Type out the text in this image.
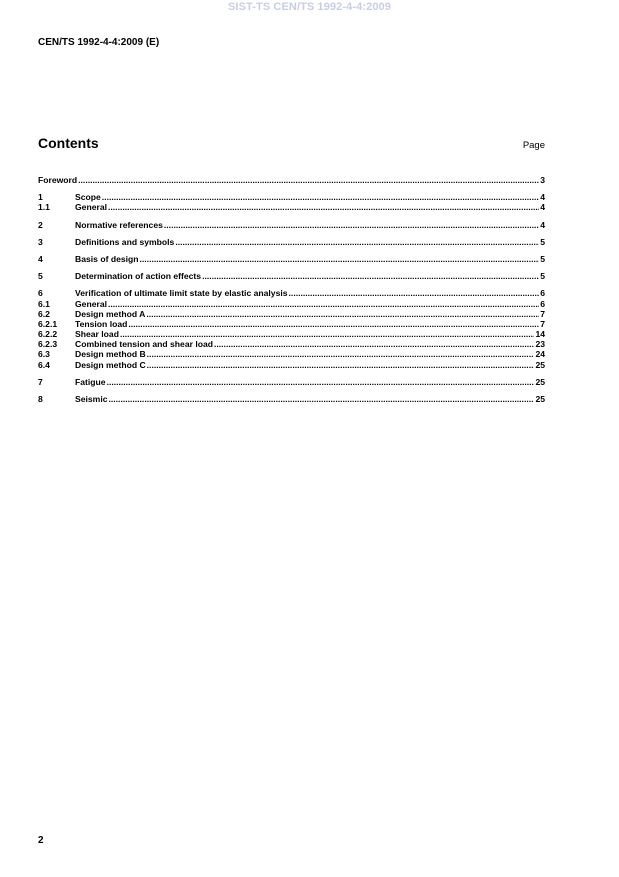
SIST-TS CEN/TS 1992-4-4:2009
CEN/TS 1992-4-4:2009 (E)
Contents	Page
Foreword .....	3
1	Scope .....	4
1.1	General .....	4
2	Normative references .....	4
3	Definitions and symbols .....	5
4	Basis of design .....	5
5	Determination of action effects .....	5
6	Verification of ultimate limit state by elastic analysis .....	6
6.1	General .....	6
6.2	Design method A .....	7
6.2.1	Tension load .....	7
6.2.2	Shear load .....	14
6.2.3	Combined tension and shear load .....	23
6.3	Design method B .....	24
6.4	Design method C .....	25
7	Fatigue .....	25
8	Seismic .....	25
2
